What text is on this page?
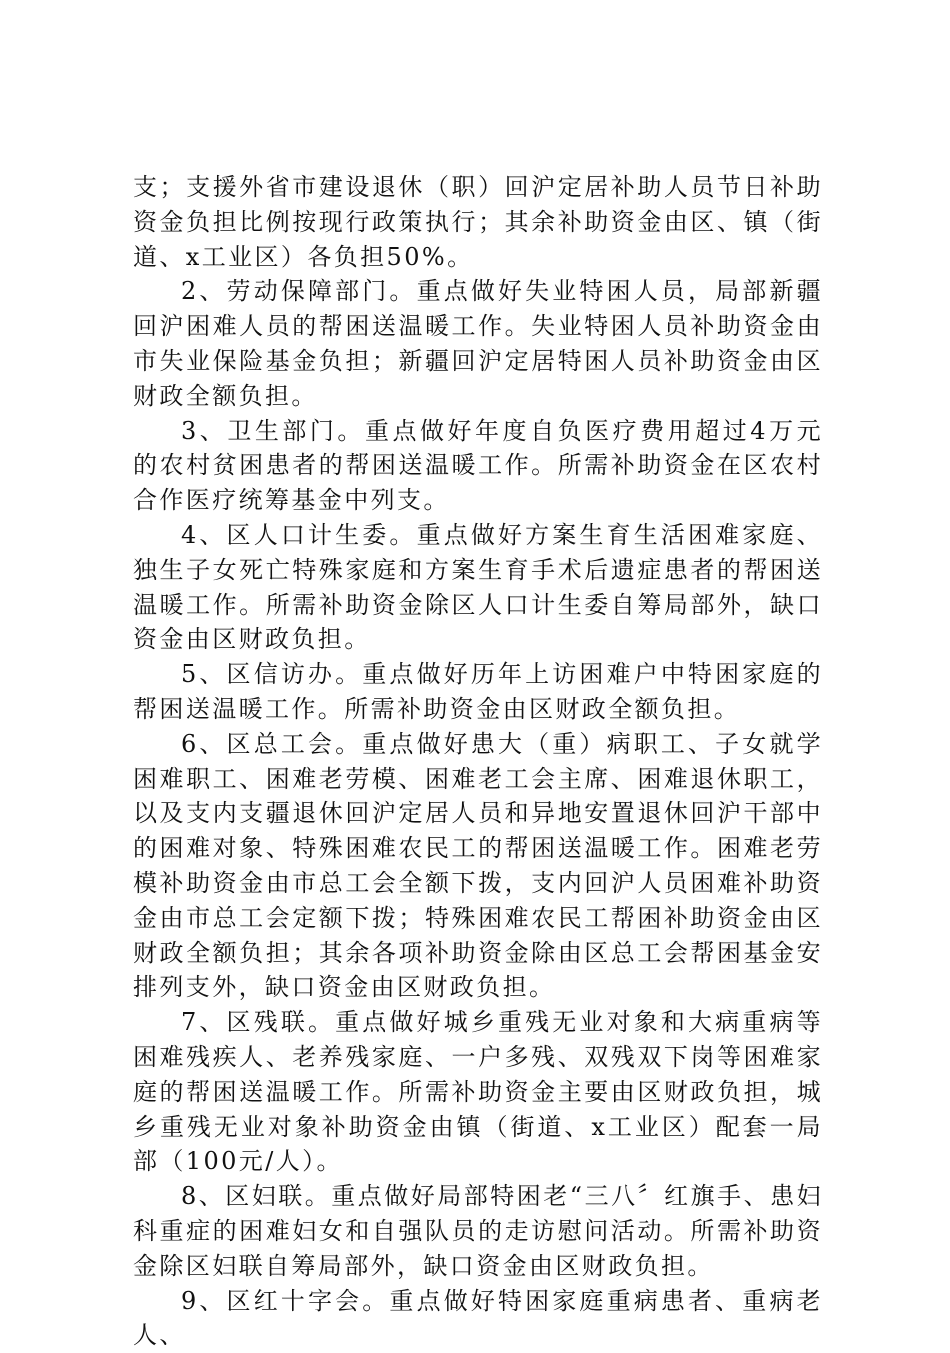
支；支援外省市建设退休（职）回沪定居补助人员节日补助资金负担比例按现行政策执行；其余补助资金由区、镇（街道、x工业区）各负担50%。

2、劳动保障部门。重点做好失业特困人员，局部新疆回沪困难人员的帮困送温暖工作。失业特困人员补助资金由市失业保险基金负担；新疆回沪定居特困人员补助资金由区财政全额负担。

3、卫生部门。重点做好年度自负医疗费用超过4万元的农村贫困患者的帮困送温暖工作。所需补助资金在区农村合作医疗统筹基金中列支。

4、区人口计生委。重点做好方案生育生活困难家庭、独生子女死亡特殊家庭和方案生育手术后遗症患者的帮困送温暖工作。所需补助资金除区人口计生委自筹局部外，缺口资金由区财政负担。

5、区信访办。重点做好历年上访困难户中特困家庭的帮困送温暖工作。所需补助资金由区财政全额负担。

6、区总工会。重点做好患大（重）病职工、子女就学困难职工、困难老劳模、困难老工会主席、困难退休职工，以及支内支疆退休回沪定居人员和异地安置退休回沪干部中的困难对象、特殊困难农民工的帮困送温暖工作。困难老劳模补助资金由市总工会全额下拨，支内回沪人员困难补助资金由市总工会定额下拨；特殊困难农民工帮困补助资金由区财政全额负担；其余各项补助资金除由区总工会帮困基金安排列支外，缺口资金由区财政负担。

7、区残联。重点做好城乡重残无业对象和大病重病等困难残疾人、老养残家庭、一户多残、双残双下岗等困难家庭的帮困送温暖工作。所需补助资金主要由区财政负担，城乡重残无业对象补助资金由镇（街道、x工业区）配套一局部（100元/人）。

8、区妇联。重点做好局部特困老“三八〞红旗手、患妇科重症的困难妇女和自强队员的走访慰问活动。所需补助资金除区妇联自筹局部外，缺口资金由区财政负担。

9、区红十字会。重点做好特困家庭重病患者、重病老人、
